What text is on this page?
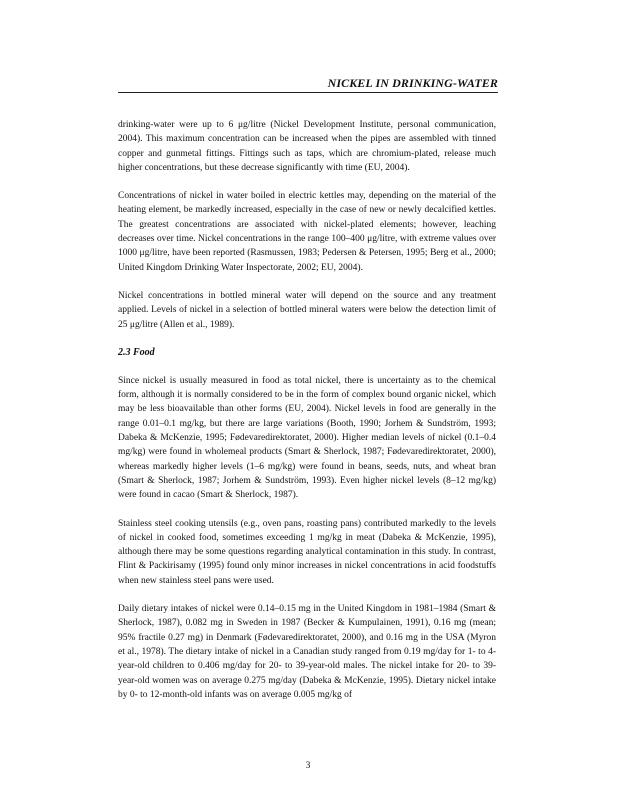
NICKEL IN DRINKING-WATER

drinking-water were up to 6 μg/litre (Nickel Development Institute, personal communication, 2004). This maximum concentration can be increased when the pipes are assembled with tinned copper and gunmetal fittings. Fittings such as taps, which are chromium-plated, release much higher concentrations, but these decrease significantly with time (EU, 2004).

Concentrations of nickel in water boiled in electric kettles may, depending on the material of the heating element, be markedly increased, especially in the case of new or newly decalcified kettles. The greatest concentrations are associated with nickel-plated elements; however, leaching decreases over time. Nickel concentrations in the range 100–400 μg/litre, with extreme values over 1000 μg/litre, have been reported (Rasmussen, 1983; Pedersen & Petersen, 1995; Berg et al., 2000; United Kingdom Drinking Water Inspectorate, 2002; EU, 2004).

Nickel concentrations in bottled mineral water will depend on the source and any treatment applied. Levels of nickel in a selection of bottled mineral waters were below the detection limit of 25 μg/litre (Allen et al., 1989).

2.3 Food

Since nickel is usually measured in food as total nickel, there is uncertainty as to the chemical form, although it is normally considered to be in the form of complex bound organic nickel, which may be less bioavailable than other forms (EU, 2004). Nickel levels in food are generally in the range 0.01–0.1 mg/kg, but there are large variations (Booth, 1990; Jorhem & Sundström, 1993; Dabeka & McKenzie, 1995; Fødevaredirektoratet, 2000). Higher median levels of nickel (0.1–0.4 mg/kg) were found in wholemeal products (Smart & Sherlock, 1987; Fødevaredirektoratet, 2000), whereas markedly higher levels (1–6 mg/kg) were found in beans, seeds, nuts, and wheat bran (Smart & Sherlock, 1987; Jorhem & Sundström, 1993). Even higher nickel levels (8–12 mg/kg) were found in cacao (Smart & Sherlock, 1987).

Stainless steel cooking utensils (e.g., oven pans, roasting pans) contributed markedly to the levels of nickel in cooked food, sometimes exceeding 1 mg/kg in meat (Dabeka & McKenzie, 1995), although there may be some questions regarding analytical contamination in this study. In contrast, Flint & Packirisamy (1995) found only minor increases in nickel concentrations in acid foodstuffs when new stainless steel pans were used.

Daily dietary intakes of nickel were 0.14–0.15 mg in the United Kingdom in 1981–1984 (Smart & Sherlock, 1987), 0.082 mg in Sweden in 1987 (Becker & Kumpulainen, 1991), 0.16 mg (mean; 95% fractile 0.27 mg) in Denmark (Fødevaredirektoratet, 2000), and 0.16 mg in the USA (Myron et al., 1978). The dietary intake of nickel in a Canadian study ranged from 0.19 mg/day for 1- to 4-year-old children to 0.406 mg/day for 20- to 39-year-old males. The nickel intake for 20- to 39-year-old women was on average 0.275 mg/day (Dabeka & McKenzie, 1995). Dietary nickel intake by 0- to 12-month-old infants was on average 0.005 mg/kg of

3
